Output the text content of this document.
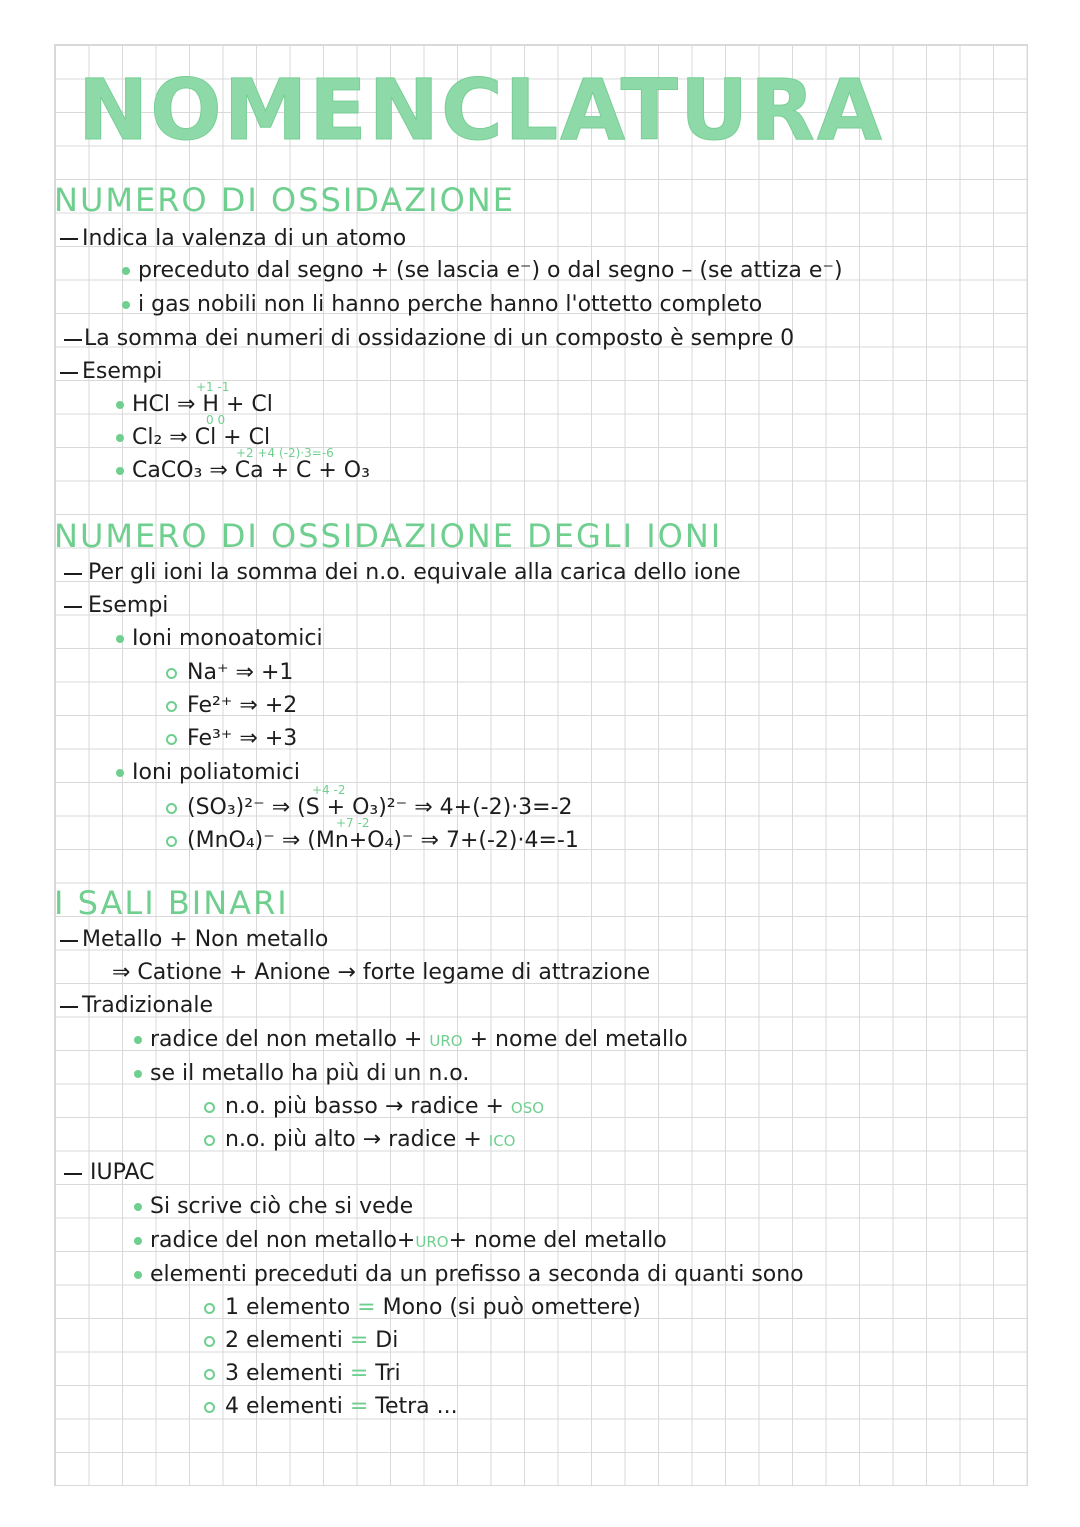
NOMENCLATURA
NUMERO DI OSSIDAZIONE
Indica la valenza di un atomo
preceduto dal segno + (se lascia e⁻) o dal segno – (se attiza e⁻)
i gas nobili non li hanno perche hanno l'ottetto completo
La somma dei numeri di ossidazione di un composto è sempre 0
Esempi
+1 -1
HCl ⇒ H + Cl
0 0
Cl₂ ⇒ Cl + Cl
+2 +4 (-2)·3=-6
CaCO₃ ⇒ Ca + C + O₃
NUMERO DI OSSIDAZIONE DEGLI IONI
Per gli ioni la somma dei n.o. equivale alla carica dello ione
Esempi
Ioni monoatomici
Na⁺ ⇒ +1
Fe²⁺ ⇒ +2
Fe³⁺ ⇒ +3
Ioni poliatomici
+4 -2
(SO₃)²⁻ ⇒ (S + O₃)²⁻ ⇒ 4+(-2)·3=-2
+7 -2
(MnO₄)⁻ ⇒ (Mn+O₄)⁻ ⇒ 7+(-2)·4=-1
I SALI BINARI
Metallo + Non metallo
⇒ Catione + Anione → forte legame di attrazione
Tradizionale
radice del non metallo + URO + nome del metallo
se il metallo ha più di un n.o.
n.o. più basso → radice + OSO
n.o. più alto → radice + ICO
IUPAC
Si scrive ciò che si vede
radice del non metallo+URO+ nome del metallo
elementi preceduti da un prefisso a seconda di quanti sono
1 elemento = Mono (si può omettere)
2 elementi = Di
3 elementi = Tri
4 elementi = Tetra ...
